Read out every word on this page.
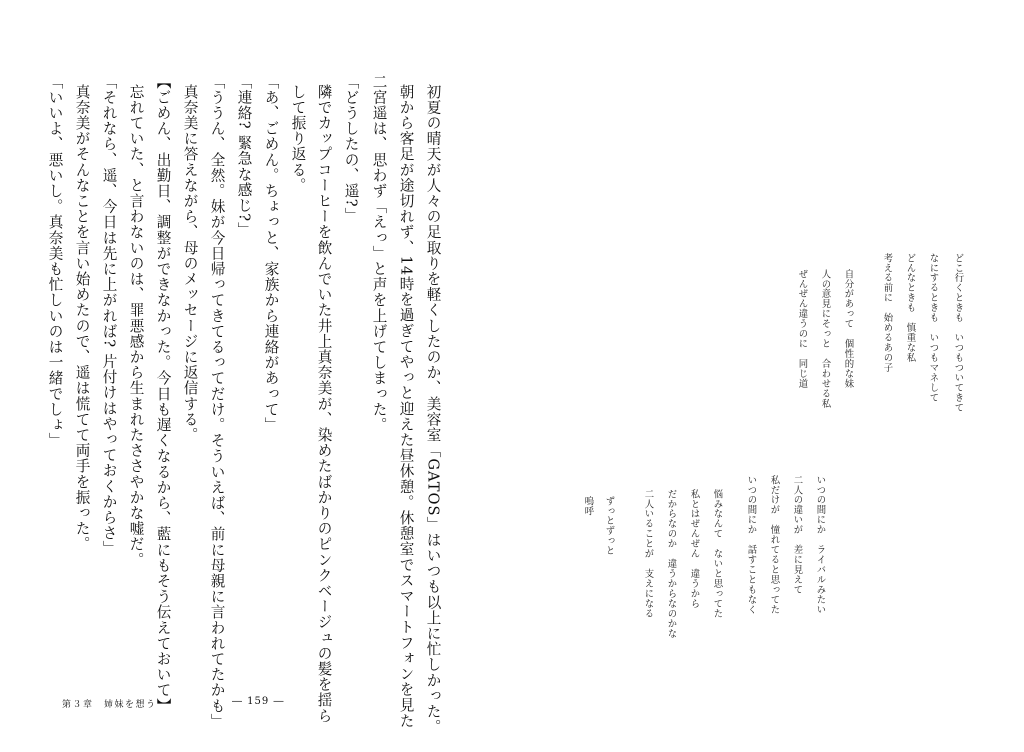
初夏の晴天が人々の足取りを軽くしたのか、美容室「GATOS」はいつも以上に忙しかった。
朝から客足が途切れず、14時を過ぎてやっと迎えた昼休憩。休憩室でスマートフォンを見た
二宮遥は、思わず「えっ」と声を上げてしまった。
「どうしたの、遥?」
隣でカップコーヒーを飲んでいた井上真奈美が、染めたばかりのピンクベージュの髪を揺ら
して振り返る。
「あ、ごめん。ちょっと、家族から連絡があって」
「連絡? 緊急な感じ?」
「ううん、全然。妹が今日帰ってきてるってだけ。そういえば、前に母親に言われてたかも」
真奈美に答えながら、母のメッセージに返信する。
【ごめん、出勤日、調整ができなかった。今日も遅くなるから、藍にもそう伝えておいて】
忘れていた、と言わないのは、罪悪感から生まれたささやかな嘘だ。
「それなら、遥、今日は先に上がれば? 片付けはやっておくからさ」
真奈美がそんなことを言い始めたので、遥は慌てて両手を振った。
「いいよ、悪いし。真奈美も忙しいのは一緒でしょ」	どこ行くときも　いつもついてきて
なにするときも　いつもマネして
どんなときも　慎重な私
考える前に　始めるあの子
自分があって　個性的な妹
人の意見にそっと　合わせる私
ぜんぜん違うのに　同じ道
いつの間にか　ライバルみたい
二人の違いが　差に見えて
私だけが　憧れてると思ってた
いつの間にか　話すこともなく
悩みなんて　ないと思ってた
私とはぜんぜん　違うから
だからなのか　違うからなのかな
二人いることが　支えになる
ずっとずっと
嗚呼
第３章　姉妹を想う	― 159 ―
